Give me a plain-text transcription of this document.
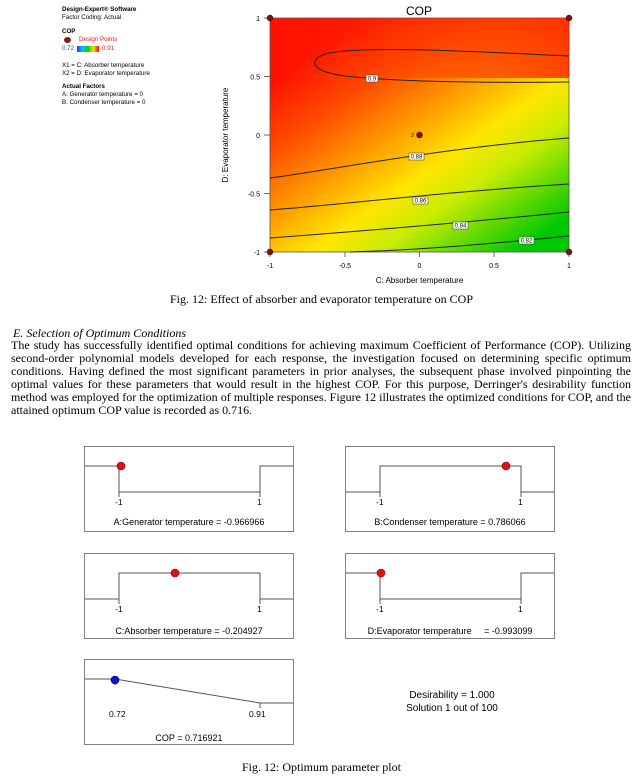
Design-Expert® Software
Factor Coding: Actual
COP
Design Points
0.72	0.91
X1 = C: Absorber temperature
X2 = D: Evaporator temperature
Actual Factors
A: Generator temperature = 0
B: Condenser temperature = 0
0.9
0.88
0.86
0.84
0.82
2
COP
-1	-0.5	0	0.5	1
1
0.5
0
-0.5
-1
C: Absorber temperature
D: Evaporator temperature
Fig. 12: Effect of absorber and evaporator temperature on COP
E. Selection of Optimum Conditions
The study has successfully identified optimal conditions for achieving maximum Coefficient of Performance (COP). Utilizing second-order polynomial models developed for each response, the investigation focused on determining specific optimum conditions. Having defined the most significant parameters in prior analyses, the subsequent phase involved pinpointing the optimal values for these parameters that would result in the highest COP. For this purpose, Derringer's desirability function method was employed for the optimization of multiple responses. Figure 12 illustrates the optimized conditions for COP, and the attained optimum COP value is recorded as 0.716.
-1	1
A:Generator temperature = -0.966966
-1	1
B:Condenser temperature = 0.786066
-1	1
C:Absorber temperature = -0.204927
-1	1
D:Evaporator temperature     = -0.993099
0.72	0.91
COP = 0.716921
Desirability = 1.000
Solution 1 out of 100
Fig. 12: Optimum parameter plot
